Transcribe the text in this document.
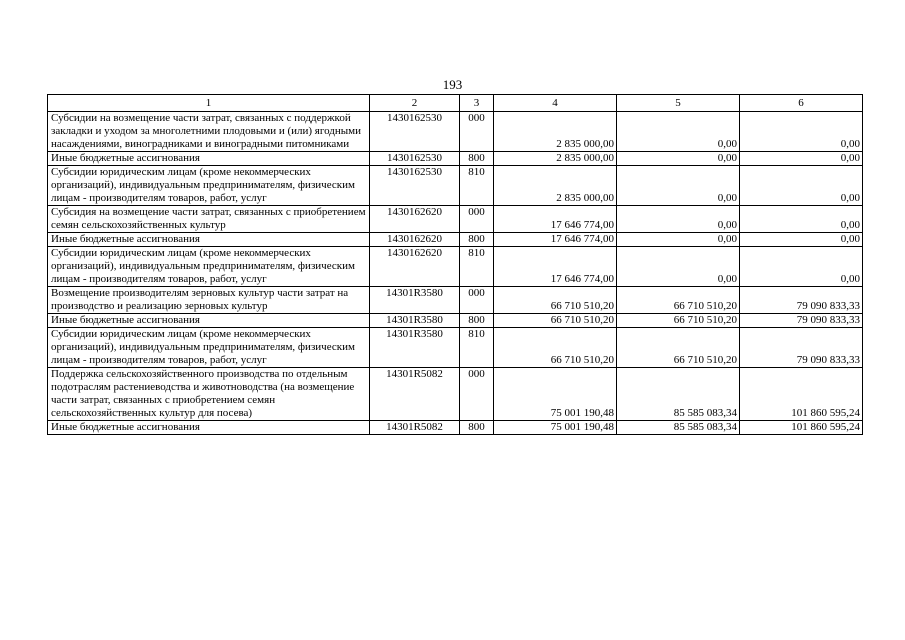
193
1	2	3	4	5	6
Субсидии на возмещение части затрат, связанных с поддержкой закладки и уходом за многолетними плодовыми и (или) ягодными насаждениями, виноградниками и виноградными питомниками	1430162530	000	2 835 000,00	0,00	0,00
Иные бюджетные ассигнования	1430162530	800	2 835 000,00	0,00	0,00
Субсидии юридическим лицам (кроме некоммерческих организаций), индивидуальным предпринимателям, физическим лицам - производителям товаров, работ, услуг	1430162530	810	2 835 000,00	0,00	0,00
Субсидия на возмещение части затрат, связанных с приобретением семян сельскохозяйственных культур	1430162620	000	17 646 774,00	0,00	0,00
Иные бюджетные ассигнования	1430162620	800	17 646 774,00	0,00	0,00
Субсидии юридическим лицам (кроме некоммерческих организаций), индивидуальным предпринимателям, физическим лицам - производителям товаров, работ, услуг	1430162620	810	17 646 774,00	0,00	0,00
Возмещение производителям зерновых культур части затрат на производство и реализацию зерновых культур	14301R3580	000	66 710 510,20	66 710 510,20	79 090 833,33
Иные бюджетные ассигнования	14301R3580	800	66 710 510,20	66 710 510,20	79 090 833,33
Субсидии юридическим лицам (кроме некоммерческих организаций), индивидуальным предпринимателям, физическим лицам - производителям товаров, работ, услуг	14301R3580	810	66 710 510,20	66 710 510,20	79 090 833,33
Поддержка сельскохозяйственного производства по отдельным подотраслям растениеводства и животноводства (на возмещение части затрат, связанных с приобретением семян сельскохозяйственных культур для посева)	14301R5082	000	75 001 190,48	85 585 083,34	101 860 595,24
Иные бюджетные ассигнования	14301R5082	800	75 001 190,48	85 585 083,34	101 860 595,24
